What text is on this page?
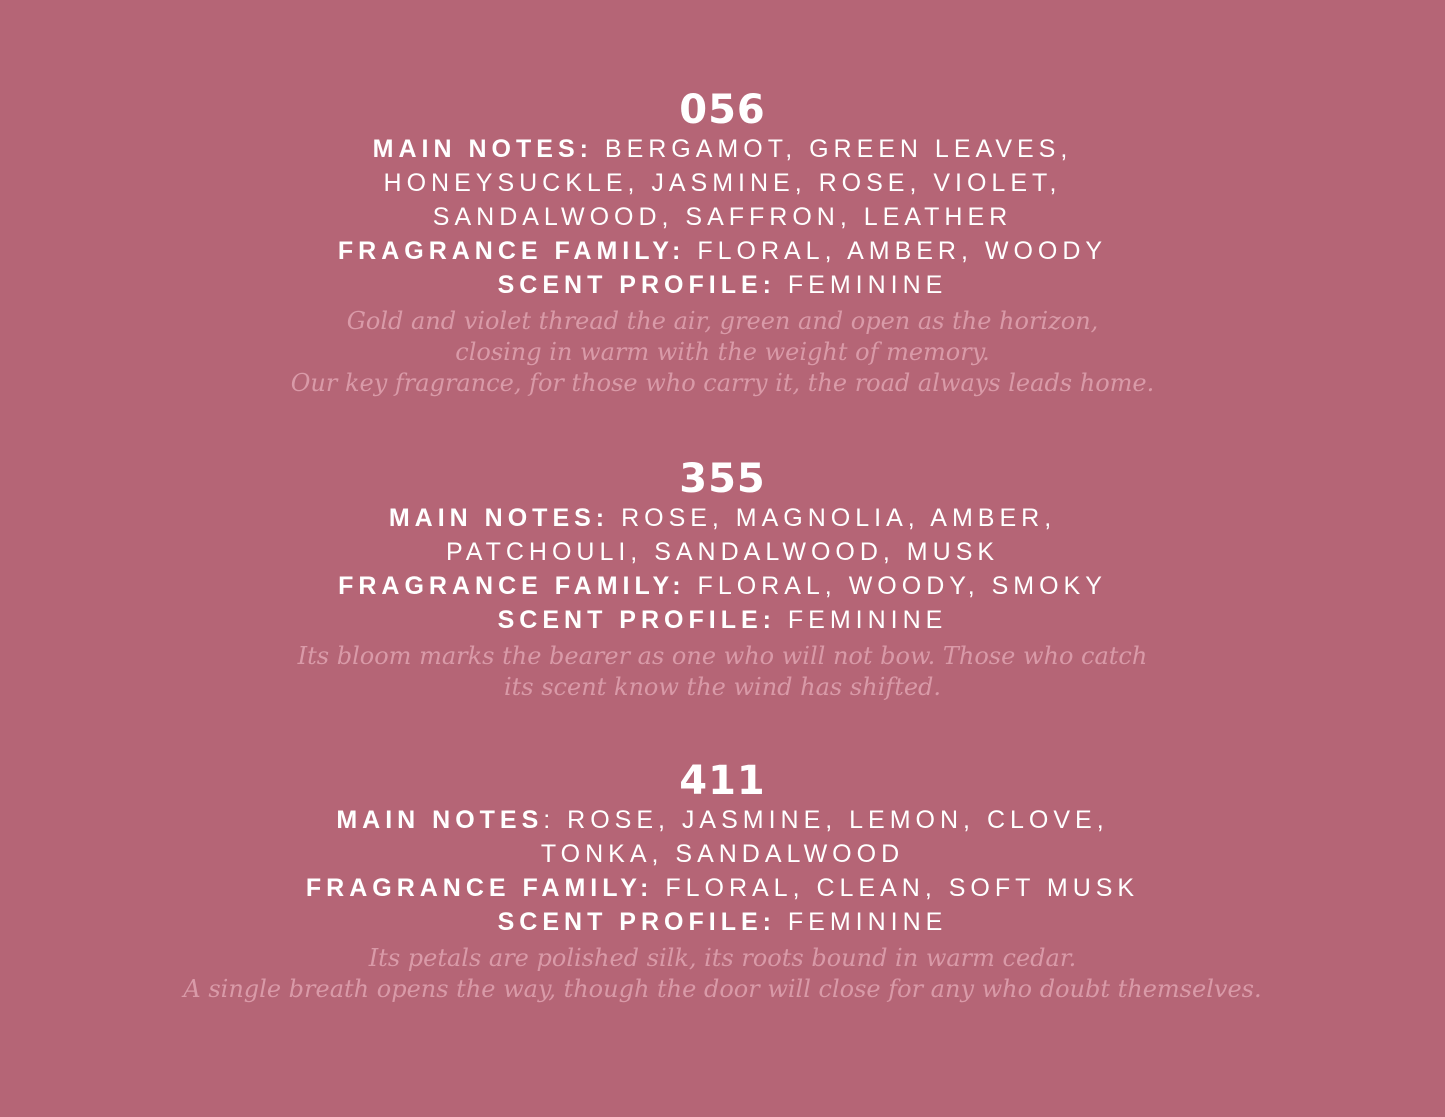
056

MAIN NOTES: BERGAMOT, GREEN LEAVES,

HONEYSUCKLE, JASMINE, ROSE, VIOLET,

SANDALWOOD, SAFFRON, LEATHER

FRAGRANCE FAMILY: FLORAL, AMBER, WOODY

SCENT PROFILE: FEMININE

Gold and violet thread the air, green and open as the horizon,
closing in warm with the weight of memory.
Our key fragrance, for those who carry it, the road always leads home.
355

MAIN NOTES: ROSE, MAGNOLIA, AMBER,

PATCHOULI, SANDALWOOD, MUSK

FRAGRANCE FAMILY: FLORAL, WOODY, SMOKY

SCENT PROFILE: FEMININE

Its bloom marks the bearer as one who will not bow. Those who catch
its scent know the wind has shifted.
411

MAIN NOTES: ROSE, JASMINE, LEMON, CLOVE,

TONKA, SANDALWOOD

FRAGRANCE FAMILY: FLORAL, CLEAN, SOFT MUSK

SCENT PROFILE: FEMININE

Its petals are polished silk, its roots bound in warm cedar.
A single breath opens the way, though the door will close for any who doubt themselves.
